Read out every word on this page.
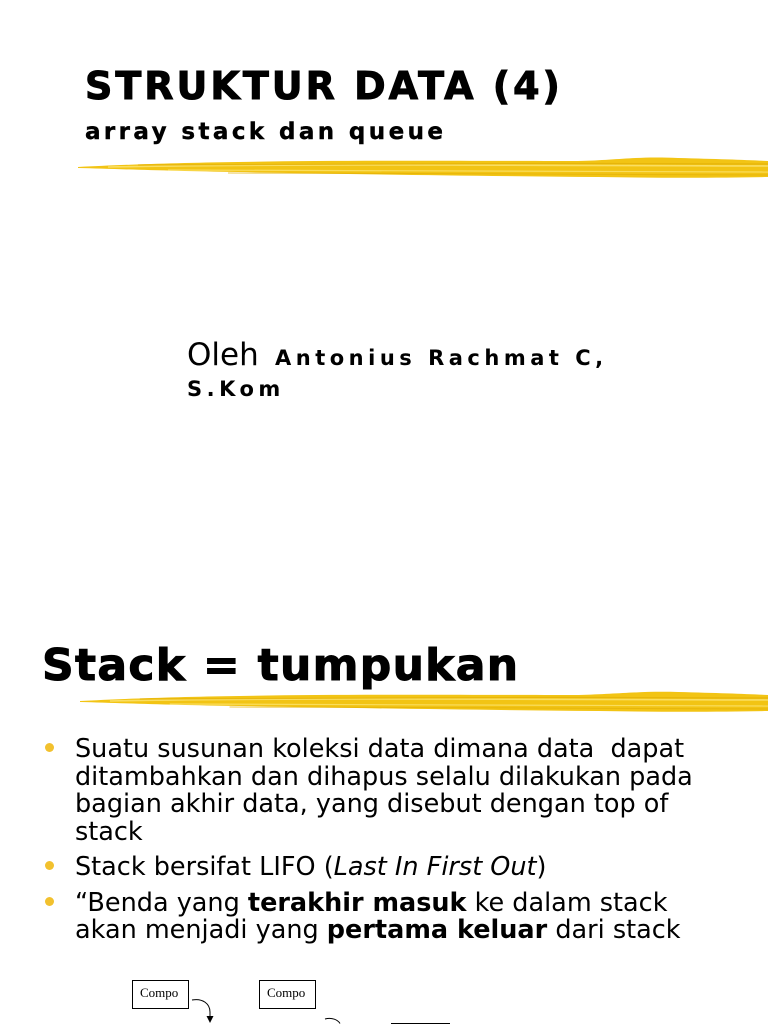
STRUKTUR DATA (4)
array stack dan queue
Oleh Antonius Rachmat C,
S.Kom
Stack = tumpukan
Suatu susunan koleksi data dimana data  dapat
ditambahkan dan dihapus selalu dilakukan pada
bagian akhir data, yang disebut dengan top of
stack
Stack bersifat LIFO (Last In First Out)
“Benda yang terakhir masuk ke dalam stack
akan menjadi yang pertama keluar dari stack
Compo	Compo
